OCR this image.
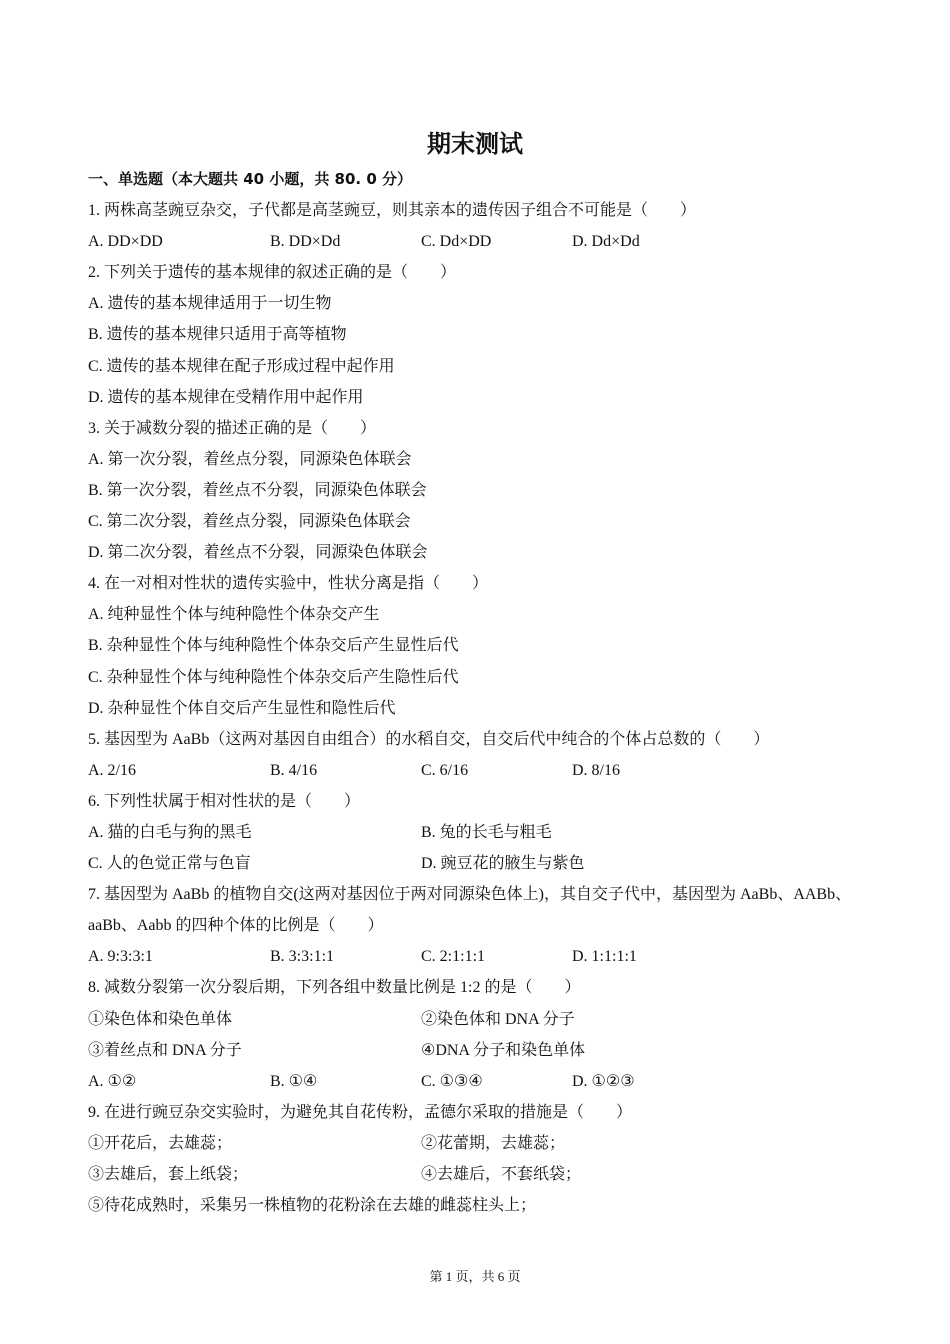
期末测试
一、单选题（本大题共 40 小题，共 80. 0 分）
1. 两株高茎豌豆杂交，子代都是高茎豌豆，则其亲本的遗传因子组合不可能是（　　）
A. DD×DD	B. DD×Dd	C. Dd×DD	D. Dd×Dd
2. 下列关于遗传的基本规律的叙述正确的是（　　）
A. 遗传的基本规律适用于一切生物
B. 遗传的基本规律只适用于高等植物
C. 遗传的基本规律在配子形成过程中起作用
D. 遗传的基本规律在受精作用中起作用
3. 关于减数分裂的描述正确的是（　　）
A. 第一次分裂，着丝点分裂，同源染色体联会
B. 第一次分裂，着丝点不分裂，同源染色体联会
C. 第二次分裂，着丝点分裂，同源染色体联会
D. 第二次分裂，着丝点不分裂，同源染色体联会
4. 在一对相对性状的遗传实验中，性状分离是指（　　）
A. 纯种显性个体与纯种隐性个体杂交产生
B. 杂种显性个体与纯种隐性个体杂交后产生显性后代
C. 杂种显性个体与纯种隐性个体杂交后产生隐性后代
D. 杂种显性个体自交后产生显性和隐性后代
5. 基因型为 AaBb（这两对基因自由组合）的水稻自交，自交后代中纯合的个体占总数的（　　）
A. 2/16	B. 4/16	C. 6/16	D. 8/16
6. 下列性状属于相对性状的是（　　）
A. 猫的白毛与狗的黑毛	B. 兔的长毛与粗毛
C. 人的色觉正常与色盲	D. 豌豆花的腋生与紫色
7. 基因型为 AaBb 的植物自交(这两对基因位于两对同源染色体上)，其自交子代中，基因型为 AaBb、AABb、
aaBb、Aabb 的四种个体的比例是（　　）
A. 9:3:3:1	B. 3:3:1:1	C. 2:1:1:1	D. 1:1:1:1
8. 减数分裂第一次分裂后期，下列各组中数量比例是 1:2 的是（　　）
①染色体和染色单体	②染色体和 DNA 分子
③着丝点和 DNA 分子	④DNA 分子和染色单体
A. ①②	B. ①④	C. ①③④	D. ①②③
9. 在进行豌豆杂交实验时，为避免其自花传粉，孟德尔采取的措施是（　　）
①开花后，去雄蕊；	②花蕾期，去雄蕊；
③去雄后，套上纸袋；	④去雄后，不套纸袋；
⑤待花成熟时，采集另一株植物的花粉涂在去雄的雌蕊柱头上；
第 1 页，共 6 页
